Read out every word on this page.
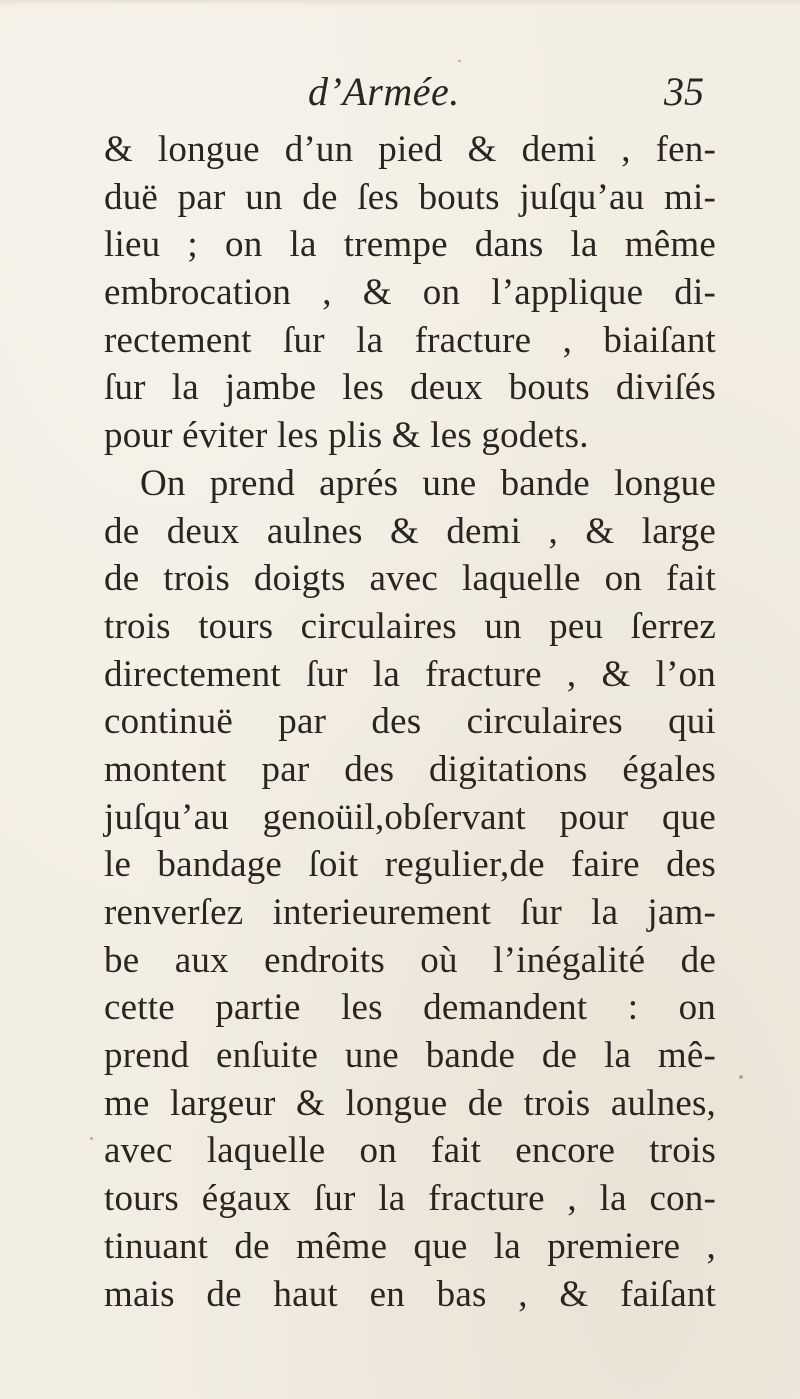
d’Armée.	35
& longue d’un pied & demi , fen-
duë par un de ſes bouts juſqu’au mi-
lieu ; on la trempe dans la même
embrocation , & on l’applique di-
rectement ſur la fracture , biaiſant
ſur la jambe les deux bouts diviſés
pour éviter les plis & les godets.
On prend aprés une bande longue
de deux aulnes & demi , & large
de trois doigts avec laquelle on fait
trois tours circulaires un peu ſerrez
directement ſur la fracture , & l’on
continuë par des circulaires qui
montent par des digitations égales
juſqu’au genoüil,obſervant pour que
le bandage ſoit regulier,de faire des
renverſez interieurement ſur la jam-
be aux endroits où l’inégalité de
cette partie les demandent : on
prend enſuite une bande de la mê-
me largeur & longue de trois aulnes,
avec laquelle on fait encore trois
tours égaux ſur la fracture , la con-
tinuant de même que la premiere ,
mais de haut en bas , & faiſant
